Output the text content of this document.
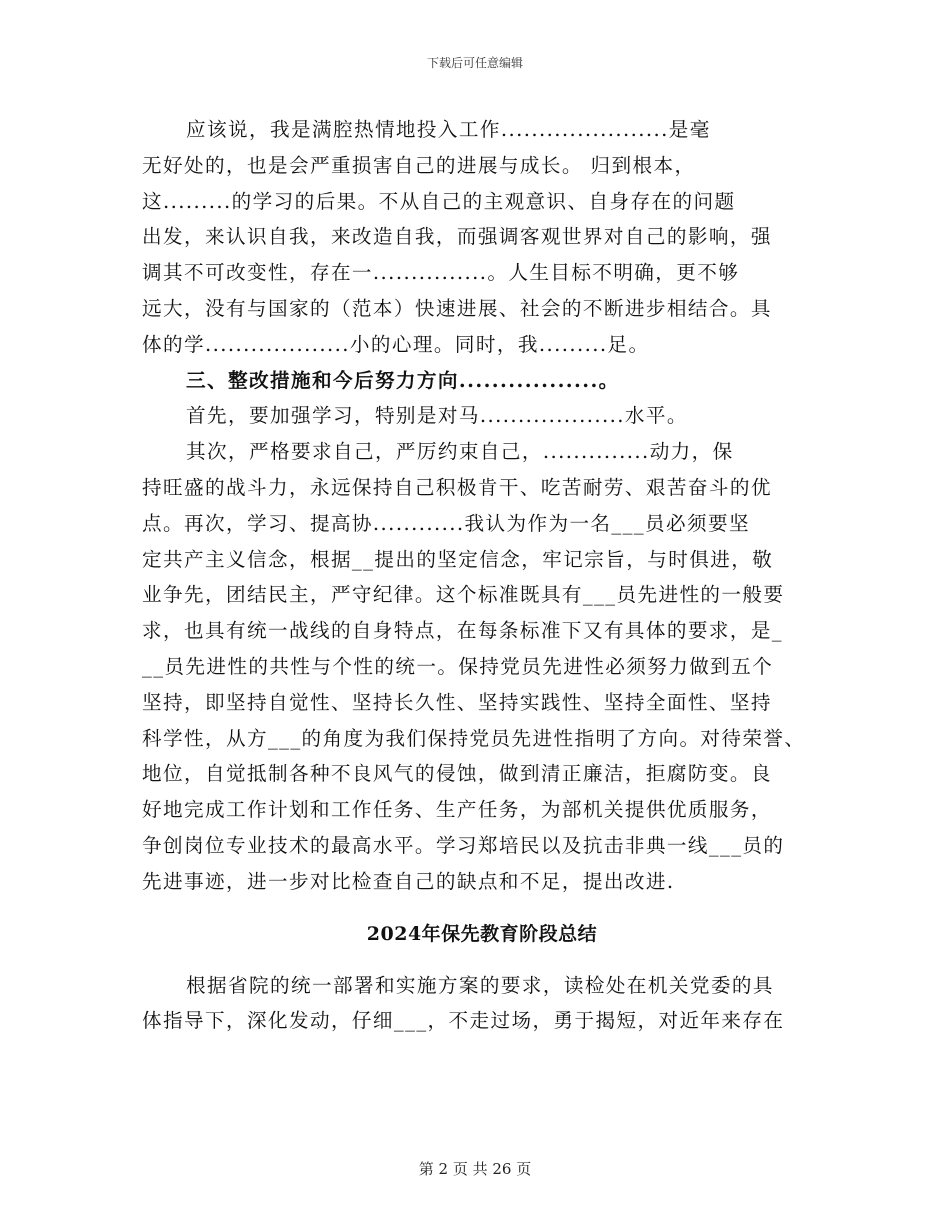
下载后可任意编辑
应该说，我是满腔热情地投入工作......................是毫
无好处的，也是会严重损害自己的进展与成长。 归到根本，
这.........的学习的后果。不从自己的主观意识、自身存在的问题
出发，来认识自我，来改造自我，而强调客观世界对自己的影响，强
调其不可改变性，存在一...............。人生目标不明确，更不够
远大，没有与国家的（范本）快速进展、社会的不断进步相结合。具
体的学...................小的心理。同时，我.........足。
三、整改措施和今后努力方向.................。
首先，要加强学习，特别是对马...................水平。
其次，严格要求自己，严厉约束自己，..............动力，保
持旺盛的战斗力，永远保持自己积极肯干、吃苦耐劳、艰苦奋斗的优
点。再次，学习、提高协............我认为作为一名___员必须要坚
定共产主义信念，根据__提出的坚定信念，牢记宗旨，与时俱进，敬
业争先，团结民主，严守纪律。这个标准既具有___员先进性的一般要
求，也具有统一战线的自身特点，在每条标准下又有具体的要求，是_
__员先进性的共性与个性的统一。保持党员先进性必须努力做到五个
坚持，即坚持自觉性、坚持长久性、坚持实践性、坚持全面性、坚持
科学性，从方___的角度为我们保持党员先进性指明了方向。对待荣誉、
地位，自觉抵制各种不良风气的侵蚀，做到清正廉洁，拒腐防变。良
好地完成工作计划和工作任务、生产任务，为部机关提供优质服务，
争创岗位专业技术的最高水平。学习郑培民以及抗击非典一线___员的
先进事迹，进一步对比检查自己的缺点和不足，提出改进.
2024年保先教育阶段总结
根据省院的统一部署和实施方案的要求，读检处在机关党委的具
体指导下，深化发动，仔细___，不走过场，勇于揭短，对近年来存在
第 2 页 共 26 页
